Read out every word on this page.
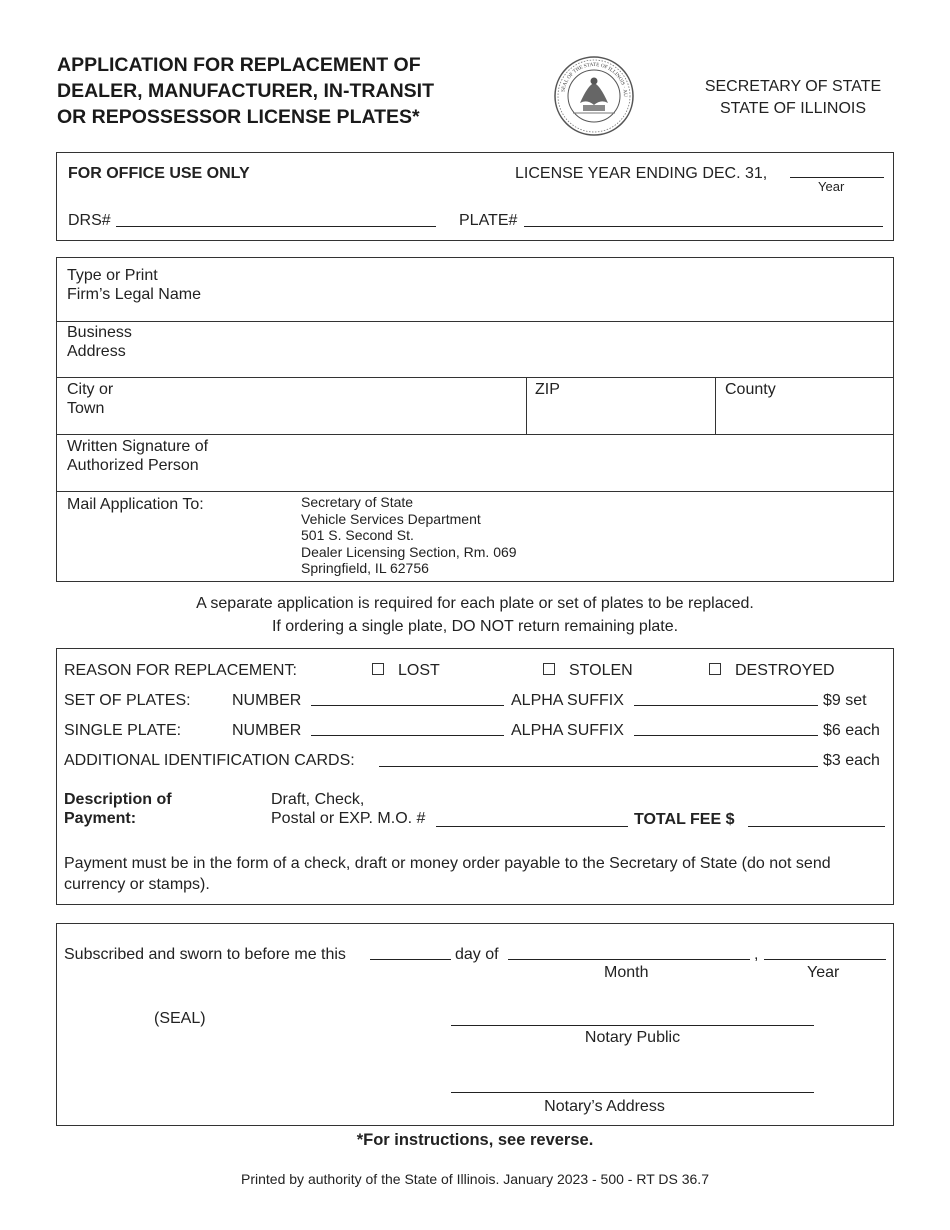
APPLICATION FOR REPLACEMENT OF
DEALER, MANUFACTURER, IN-TRANSIT
OR REPOSSESSOR LICENSE PLATES*
SEAL OF THE STATE OF ILLINOIS · AU
SECRETARY OF STATE
STATE OF ILLINOIS
FOR OFFICE USE ONLY	LICENSE YEAR ENDING DEC. 31,
Year
DRS#	PLATE#
Type or Print
Firm’s Legal Name
Business
Address
City or
Town
ZIP	County
Written Signature of
Authorized Person
Mail Application To:	Secretary of State
Vehicle Services Department
501 S. Second St.
Dealer Licensing Section, Rm. 069
Springfield, IL 62756
A separate application is required for each plate or set of plates to be replaced.
If ordering a single plate, DO NOT return remaining plate.
REASON FOR REPLACEMENT:	LOST	STOLEN	DESTROYED
SET OF PLATES:	NUMBER	ALPHA SUFFIX	$9 set
SINGLE PLATE:	NUMBER	ALPHA SUFFIX	$6 each
ADDITIONAL IDENTIFICATION CARDS:	$3 each
Description of
Payment:
Draft, Check,
Postal or EXP. M.O. #	TOTAL FEE $
Payment must be in the form of a check, draft or money order payable to the Secretary of State (do not send currency or stamps).
Subscribed and sworn to before me this	day of	,
Month	Year
(SEAL)
Notary Public
Notary’s Address
*For instructions, see reverse.
Printed by authority of the State of Illinois. January 2023 - 500 - RT DS 36.7
